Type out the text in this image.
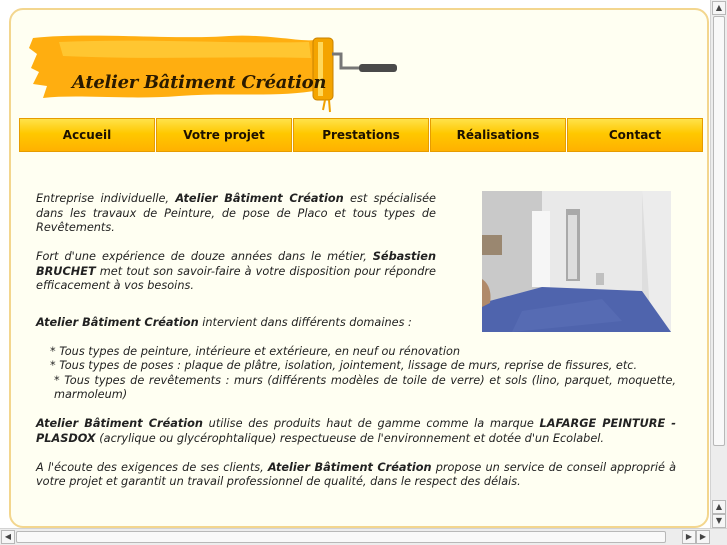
Atelier Bâtiment Création
Accueil	Votre projet	Prestations	Réalisations	Contact

Entreprise individuelle, Atelier Bâtiment Création est spécialisée dans les travaux de Peinture, de pose de Placo et tous types de Revêtements.

Fort d'une expérience de douze années dans le métier, Sébastien BRUCHET met tout son savoir-faire à votre disposition pour répondre efficacement à vos besoins.

Atelier Bâtiment Création intervient dans différents domaines :

* Tous types de peinture, intérieure et extérieure, en neuf ou rénovation

* Tous types de poses : plaque de plâtre, isolation, jointement, lissage de murs, reprise de fissures, etc.

* Tous types de revêtements : murs (différents modèles de toile de verre) et sols (lino, parquet, moquette, marmoleum)

Atelier Bâtiment Création utilise des produits haut de gamme comme la marque LAFARGE PEINTURE - PLASDOX (acrylique ou glycérophtalique) respectueuse de l'environnement et dotée d'un Ecolabel.

A l'écoute des exigences de ses clients, Atelier Bâtiment Création propose un service de conseil approprié à votre projet et garantit un travail professionnel de qualité, dans le respect des délais.

▲
▲
▼
◀	▶ ▶
